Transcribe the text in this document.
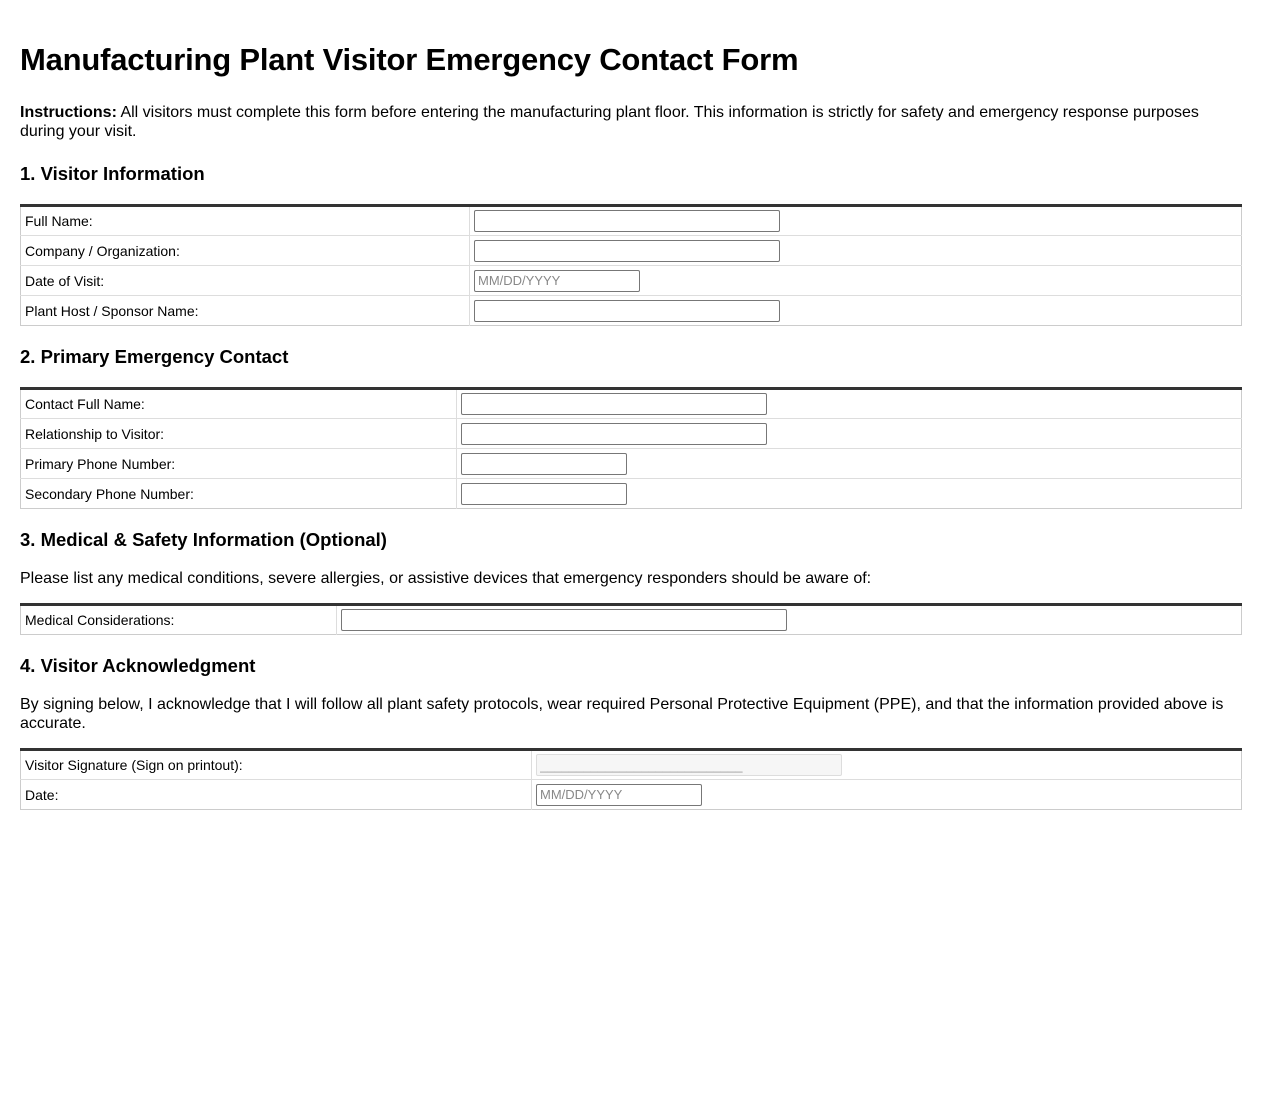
Manufacturing Plant Visitor Emergency Contact Form

Instructions: All visitors must complete this form before entering the manufacturing plant floor. This information is strictly for safety and emergency response purposes during your visit.

1. Visitor Information
Full Name:	

Company / Organization:	

Date of Visit:	
MM/DD/YYYY
Plant Host / Sponsor Name:	
2. Primary Emergency Contact
Contact Full Name:	

Relationship to Visitor:	

Primary Phone Number:	

Secondary Phone Number:	
3. Medical & Safety Information (Optional)

Please list any medical conditions, severe allergies, or assistive devices that emergency responders should be aware of:

Medical Considerations:	
4. Visitor Acknowledgment

By signing below, I acknowledge that I will follow all plant safety protocols, wear required Personal Protective Equipment (PPE), and that the information provided above is accurate.

Visitor Signature (Sign on printout):	
____________________________
Date:	
MM/DD/YYYY
